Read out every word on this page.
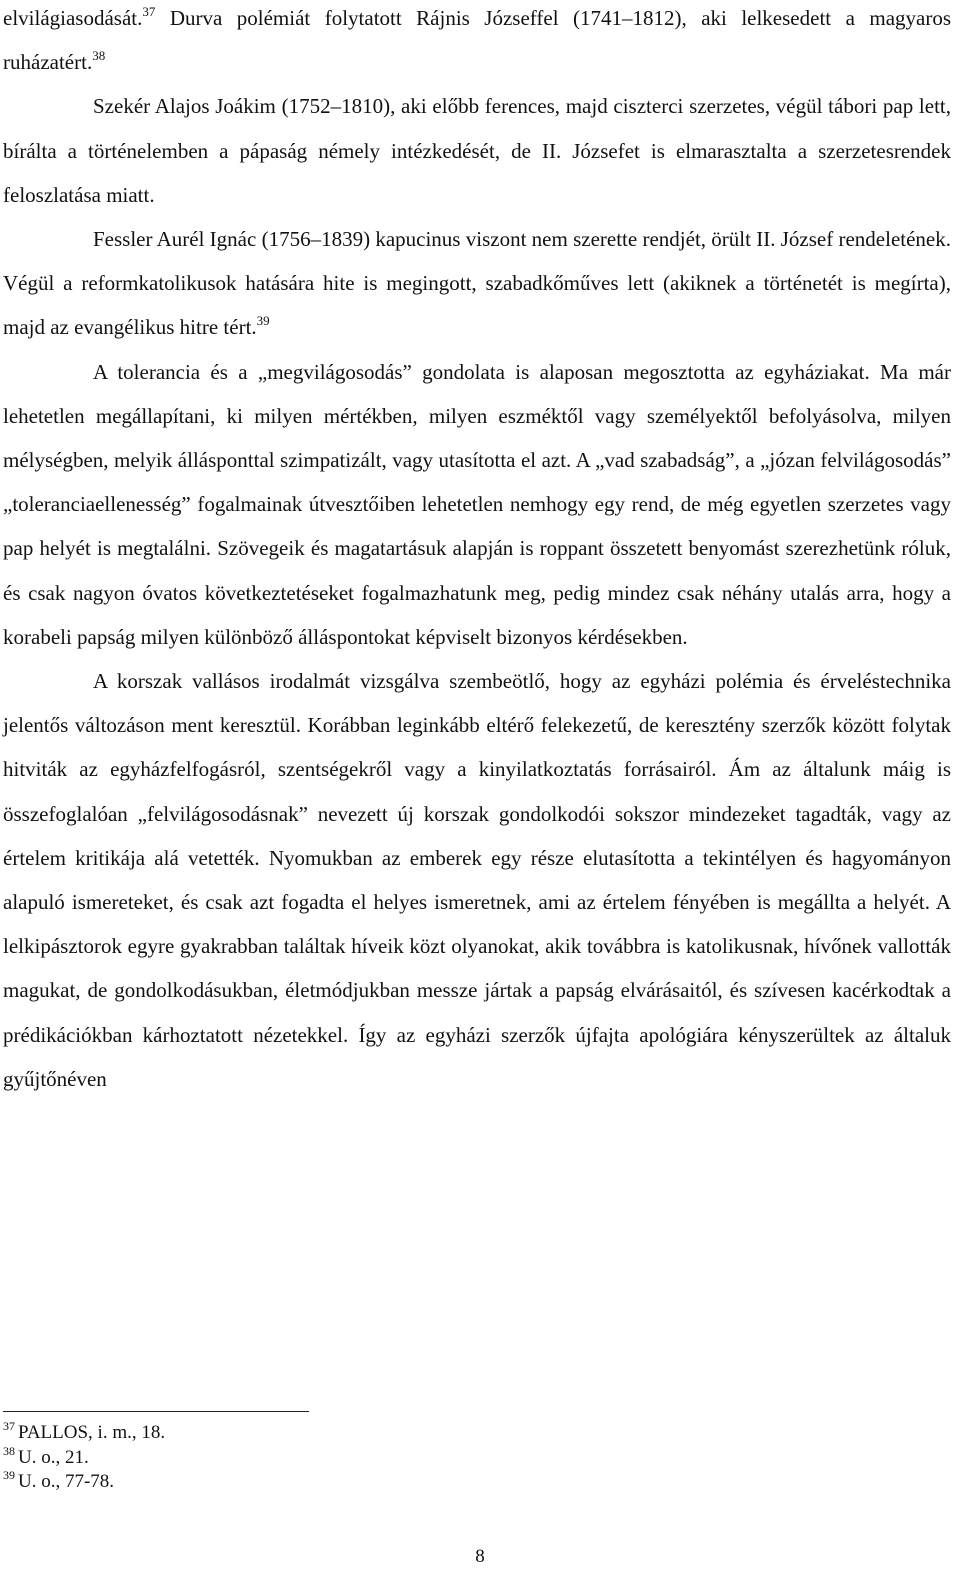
elvilágiasodását.$^{37}$ Durva polémiát folytatott Rájnis Józseffel (1741–1812), aki lelkesedett a magyaros ruházatért.$^{38}$

Szekér Alajos Joákim (1752–1810), aki előbb ferences, majd ciszterci szerzetes, végül tábori pap lett, bírálta a történelemben a pápaság némely intézkedését, de II. Józsefet is elmarasztalta a szerzetesrendek feloszlatása miatt.

Fessler Aurél Ignác (1756–1839) kapucinus viszont nem szerette rendjét, örült II. József rendeletének. Végül a reformkatolikusok hatására hite is megingott, szabadkőműves lett (akiknek a történetét is megírta), majd az evangélikus hitre tért.$^{39}$

A tolerancia és a „megvilágosodás” gondolata is alaposan megosztotta az egyháziakat. Ma már lehetetlen megállapítani, ki milyen mértékben, milyen eszméktől vagy személyektől befolyásolva, milyen mélységben, melyik állásponttal szimpatizált, vagy utasította el azt. A „vad szabadság”, a „józan felvilágosodás” „toleranciaellenesség” fogalmainak útvesztőiben lehetetlen nemhogy egy rend, de még egyetlen szerzetes vagy pap helyét is megtalálni. Szövegeik és magatartásuk alapján is roppant összetett benyomást szerezhetünk róluk, és csak nagyon óvatos következtetéseket fogalmazhatunk meg, pedig mindez csak néhány utalás arra, hogy a korabeli papság milyen különböző álláspontokat képviselt bizonyos kérdésekben.

A korszak vallásos irodalmát vizsgálva szembeötlő, hogy az egyházi polémia és érveléstechnika jelentős változáson ment keresztül. Korábban leginkább eltérő felekezetű, de keresztény szerzők között folytak hitviták az egyházfelfogásról, szentségekről vagy a kinyilatkoztatás forrásairól. Ám az általunk máig is összefoglalóan „felvilágosodásnak” nevezett új korszak gondolkodói sokszor mindezeket tagadták, vagy az értelem kritikája alá vetették. Nyomukban az emberek egy része elutasította a tekintélyen és hagyományon alapuló ismereteket, és csak azt fogadta el helyes ismeretnek, ami az értelem fényében is megállta a helyét. A lelkipásztorok egyre gyakrabban találtak híveik közt olyanokat, akik továbbra is katolikusnak, hívőnek vallották magukat, de gondolkodásukban, életmódjukban messze jártak a papság elvárásaitól, és szívesen kacérkodtak a prédikációkban kárhoztatott nézetekkel. Így az egyházi szerzők újfajta apológiára kényszerültek az általuk gyűjtőnéven

$^{37}$ PALLOS, i. m., 18.
$^{38}$ U. o., 21.
$^{39}$ U. o., 77-78.
8
